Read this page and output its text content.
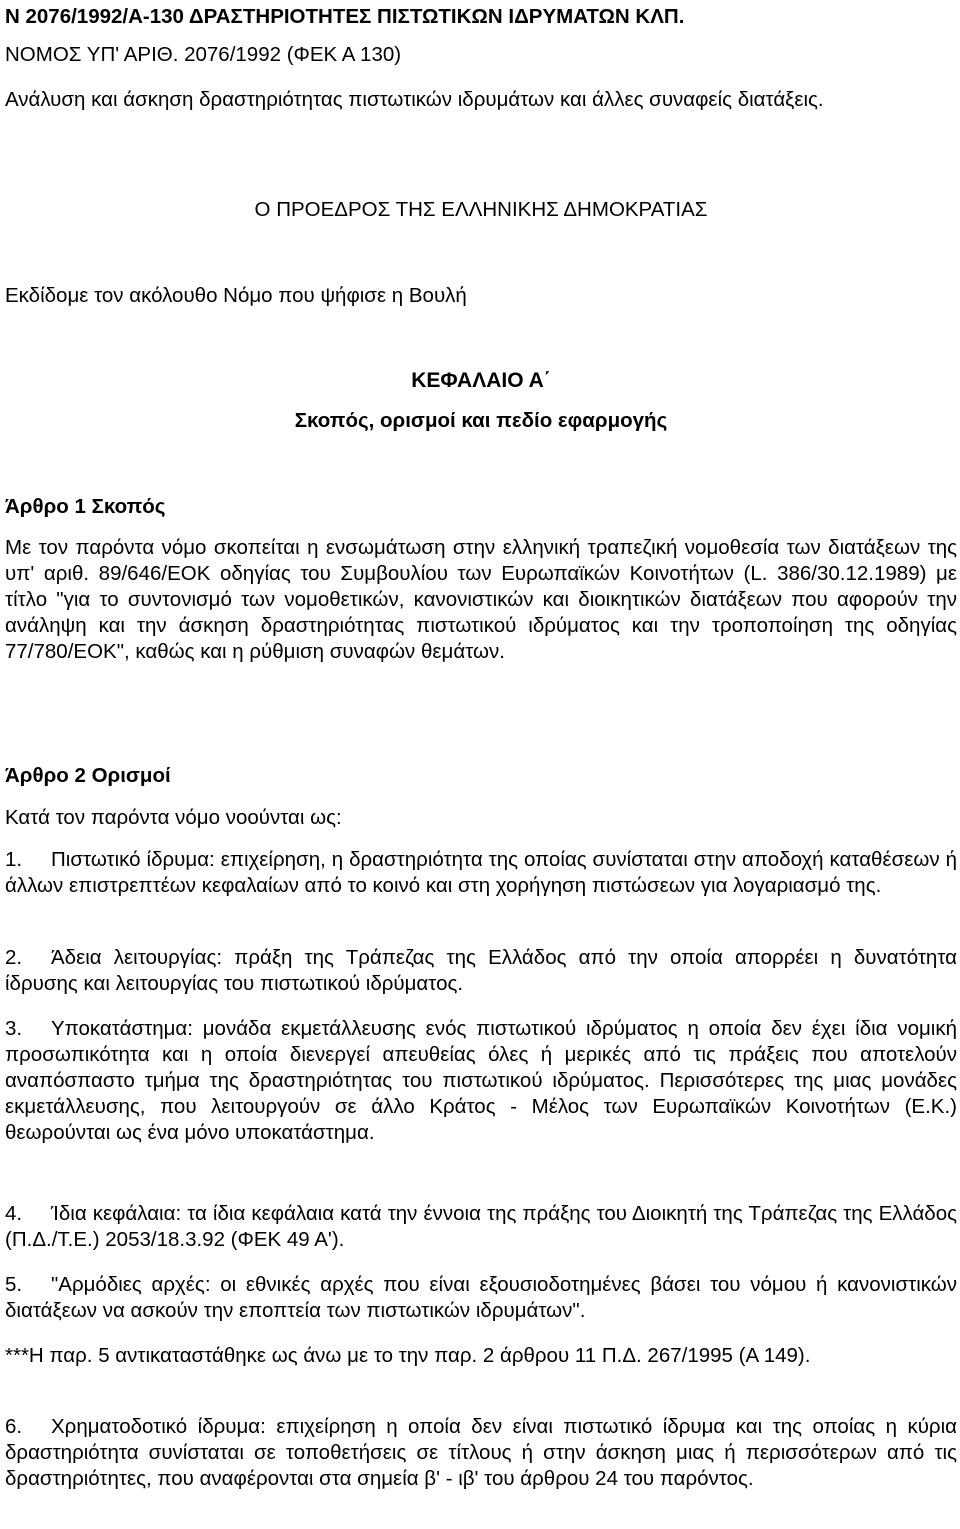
Ν 2076/1992/Α-130 ΔΡΑΣΤΗΡΙΟΤΗΤΕΣ ΠΙΣΤΩΤΙΚΩΝ ΙΔΡΥΜΑΤΩΝ ΚΛΠ.
ΝΟΜΟΣ ΥΠ' ΑΡΙΘ. 2076/1992 (ΦΕΚ Α 130)
Ανάλυση και άσκηση δραστηριότητας πιστωτικών ιδρυμάτων και άλλες συναφείς διατάξεις.
Ο ΠΡΟΕΔΡΟΣ ΤΗΣ ΕΛΛΗΝΙΚΗΣ ΔΗΜΟΚΡΑΤΙΑΣ
Εκδίδομε τον ακόλουθο Νόμο που ψήφισε η Βουλή
ΚΕΦΑΛΑΙΟ Α΄
Σκοπός, ορισμοί και πεδίο εφαρμογής
Άρθρο 1 Σκοπός
Με τον παρόντα νόμο σκοπείται η ενσωμάτωση στην ελληνική τραπεζική νομοθεσία των διατάξεων της υπ' αριθ. 89/646/ΕΟΚ οδηγίας του Συμβουλίου των Ευρωπαϊκών Κοινοτήτων (L. 386/30.12.1989) με τίτλο "για το συντονισμό των νομοθετικών, κανονιστικών και διοικητικών διατάξεων που αφορούν την ανάληψη και την άσκηση δραστηριότητας πιστωτικού ιδρύματος και την τροποποίηση της οδηγίας 77/780/ΕΟΚ", καθώς και η ρύθμιση συναφών θεμάτων.
Άρθρο 2 Ορισμοί
Κατά τον παρόντα νόμο νοούνται ως:
1. Πιστωτικό ίδρυμα: επιχείρηση, η δραστηριότητα της οποίας συνίσταται στην αποδοχή καταθέσεων ή άλλων επιστρεπτέων κεφαλαίων από το κοινό και στη χορήγηση πιστώσεων για λογαριασμό της.
2. Άδεια λειτουργίας: πράξη της Τράπεζας της Ελλάδος από την οποία απορρέει η δυνατότητα ίδρυσης και λειτουργίας του πιστωτικού ιδρύματος.
3. Υποκατάστημα: μονάδα εκμετάλλευσης ενός πιστωτικού ιδρύματος η οποία δεν έχει ίδια νομική προσωπικότητα και η οποία διενεργεί απευθείας όλες ή μερικές από τις πράξεις που αποτελούν αναπόσπαστο τμήμα της δραστηριότητας του πιστωτικού ιδρύματος. Περισσότερες της μιας μονάδες εκμετάλλευσης, που λειτουργούν σε άλλο Κράτος - Μέλος των Ευρωπαϊκών Κοινοτήτων (Ε.Κ.) θεωρούνται ως ένα μόνο υποκατάστημα.
4. Ίδια κεφάλαια: τα ίδια κεφάλαια κατά την έννοια της πράξης του Διοικητή της Τράπεζας της Ελλάδος (Π.Δ./Τ.Ε.) 2053/18.3.92 (ΦΕΚ 49 Α').
5. "Αρμόδιες αρχές: οι εθνικές αρχές που είναι εξουσιοδοτημένες βάσει του νόμου ή κανονιστικών διατάξεων να ασκούν την εποπτεία των πιστωτικών ιδρυμάτων".
***Η παρ. 5 αντικαταστάθηκε ως άνω με το την παρ. 2 άρθρου 11 Π.Δ. 267/1995 (Α 149).
6. Χρηματοδοτικό ίδρυμα: επιχείρηση η οποία δεν είναι πιστωτικό ίδρυμα και της οποίας η κύρια δραστηριότητα συνίσταται σε τοποθετήσεις σε τίτλους ή στην άσκηση μιας ή περισσότερων από τις δραστηριότητες, που αναφέρονται στα σημεία β' - ιβ' του άρθρου 24 του παρόντος.
